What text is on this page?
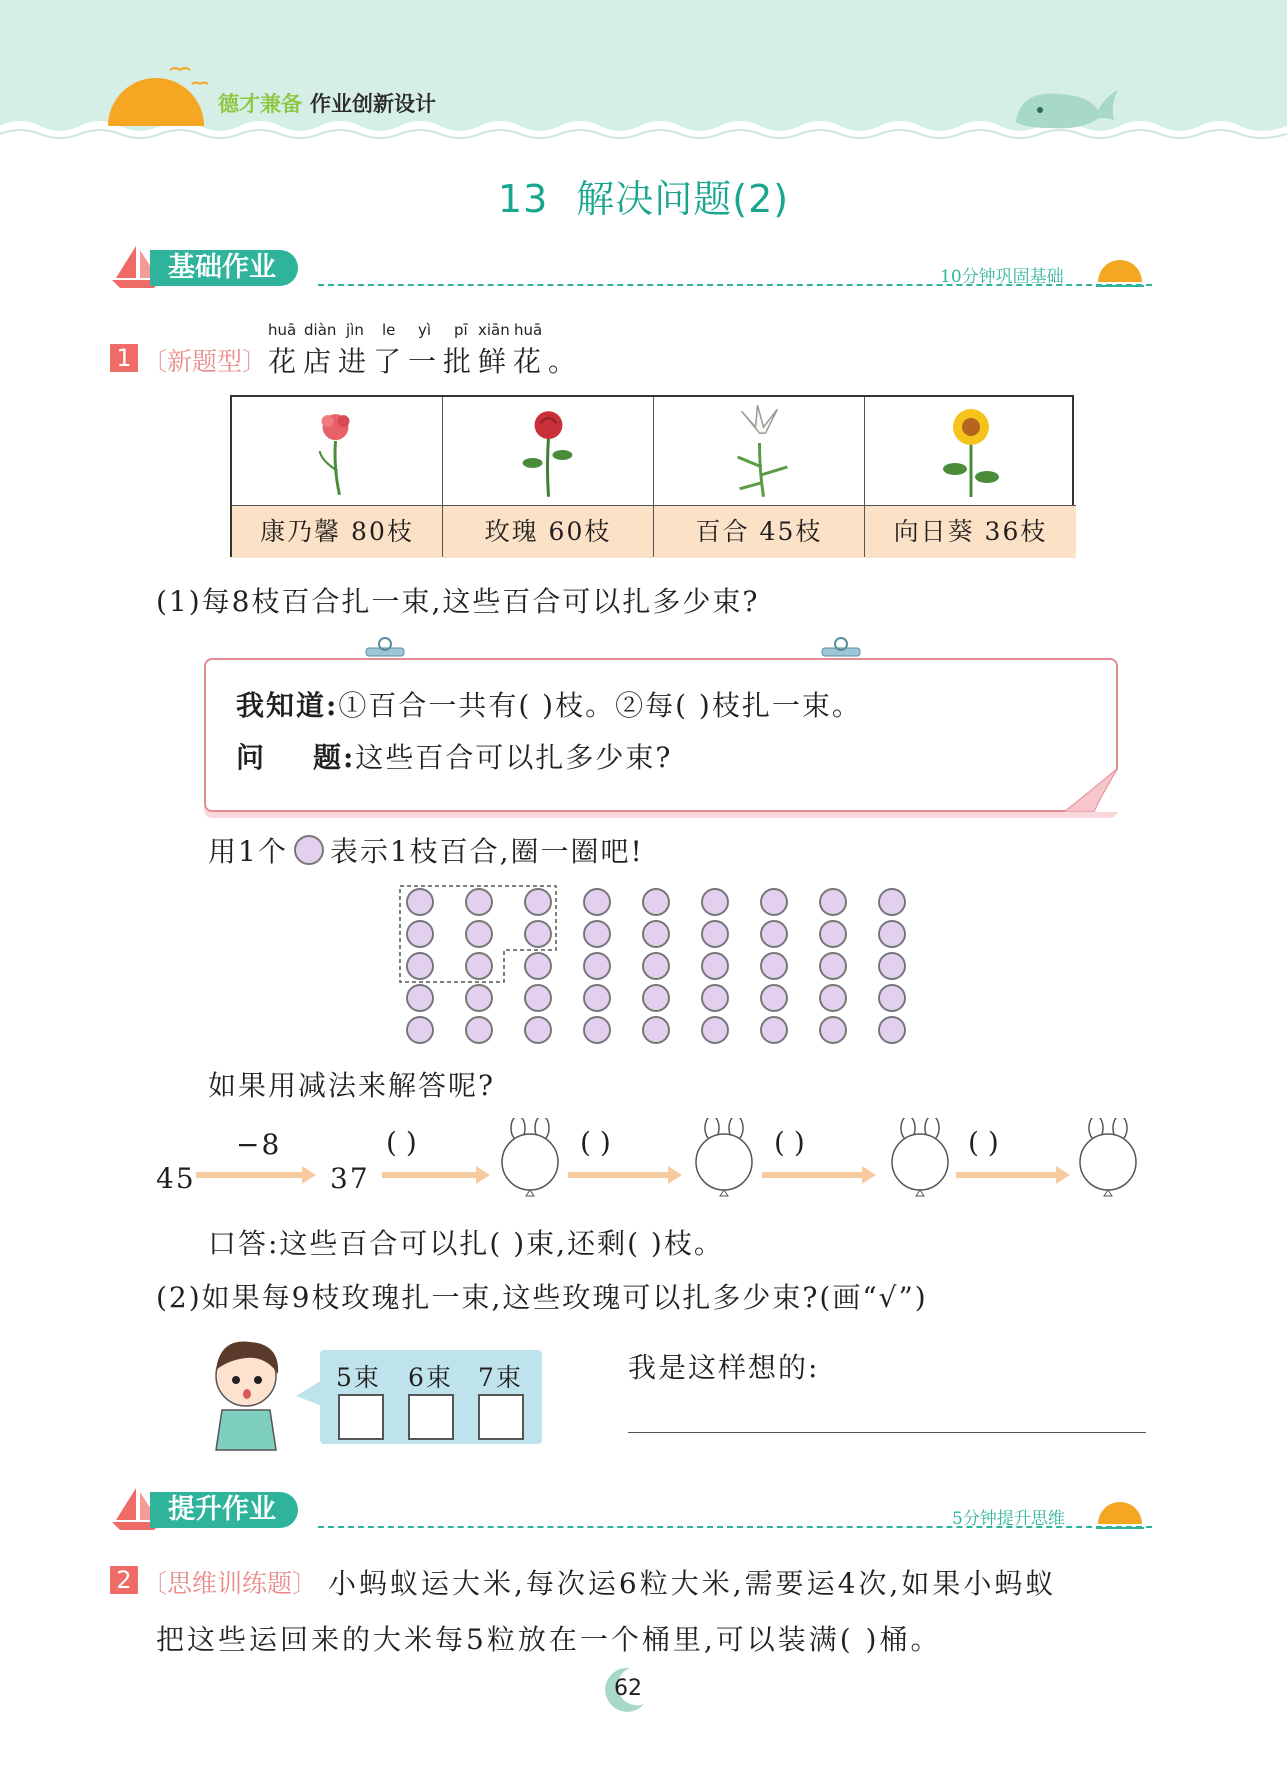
德才兼备 作业创新设计
13 解决问题(2)
基础作业	10分钟巩固基础
huā diàn jìn le yì pī xiān huā
1 〔新题型〕 花店进了一批鲜花。
康乃馨 80枝	玫瑰 60枝	百合 45枝	向日葵 36枝
(1)每8枝百合扎一束,这些百合可以扎多少束?
我知道:①百合一共有( )枝。②每( )枝扎一束。
问    题:这些百合可以扎多少束?
用1个 表示1枝百合,圈一圈吧!
如果用减法来解答呢?
45
−8
37
( )	( )	( )	( )
口答:这些百合可以扎( )束,还剩( )枝。
(2)如果每9枝玫瑰扎一束,这些玫瑰可以扎多少束?(画“√”)
5束 6束 7束	我是这样想的:
提升作业	5分钟提升思维
2 〔思维训练题〕 小蚂蚁运大米,每次运6粒大米,需要运4次,如果小蚂蚁
把这些运回来的大米每5粒放在一个桶里,可以装满( )桶。
62
